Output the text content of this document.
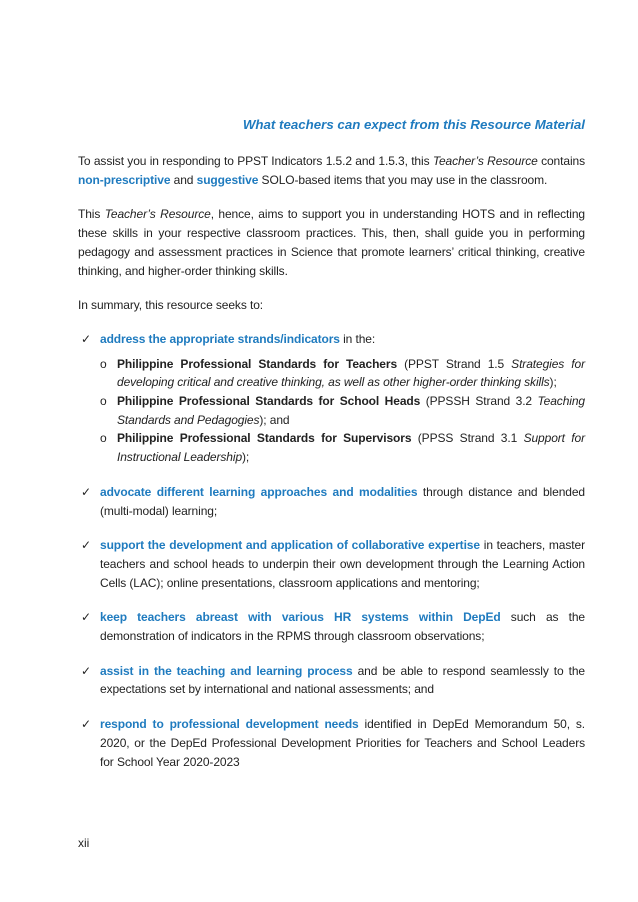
What teachers can expect from this Resource Material

To assist you in responding to PPST Indicators 1.5.2 and 1.5.3, this Teacher’s Resource contains non-prescriptive and suggestive SOLO-based items that you may use in the classroom.

This Teacher’s Resource, hence, aims to support you in understanding HOTS and in reflecting these skills in your respective classroom practices. This, then, shall guide you in performing pedagogy and assessment practices in Science that promote learners’ critical thinking, creative thinking, and higher-order thinking skills.

In summary, this resource seeks to:

✓ address the appropriate strands/indicators in the:
o Philippine Professional Standards for Teachers (PPST Strand 1.5 Strategies for developing critical and creative thinking, as well as other higher-order thinking skills);
o Philippine Professional Standards for School Heads (PPSSH Strand 3.2 Teaching Standards and Pedagogies); and
o Philippine Professional Standards for Supervisors (PPSS Strand 3.1 Support for Instructional Leadership);
✓ advocate different learning approaches and modalities through distance and blended (multi-modal) learning;
✓ support the development and application of collaborative expertise in teachers, master teachers and school heads to underpin their own development through the Learning Action Cells (LAC); online presentations, classroom applications and mentoring;
✓ keep teachers abreast with various HR systems within DepEd such as the demonstration of indicators in the RPMS through classroom observations;
✓ assist in the teaching and learning process and be able to respond seamlessly to the expectations set by international and national assessments; and
✓ respond to professional development needs identified in DepEd Memorandum 50, s. 2020, or the DepEd Professional Development Priorities for Teachers and School Leaders for School Year 2020-2023
xii
